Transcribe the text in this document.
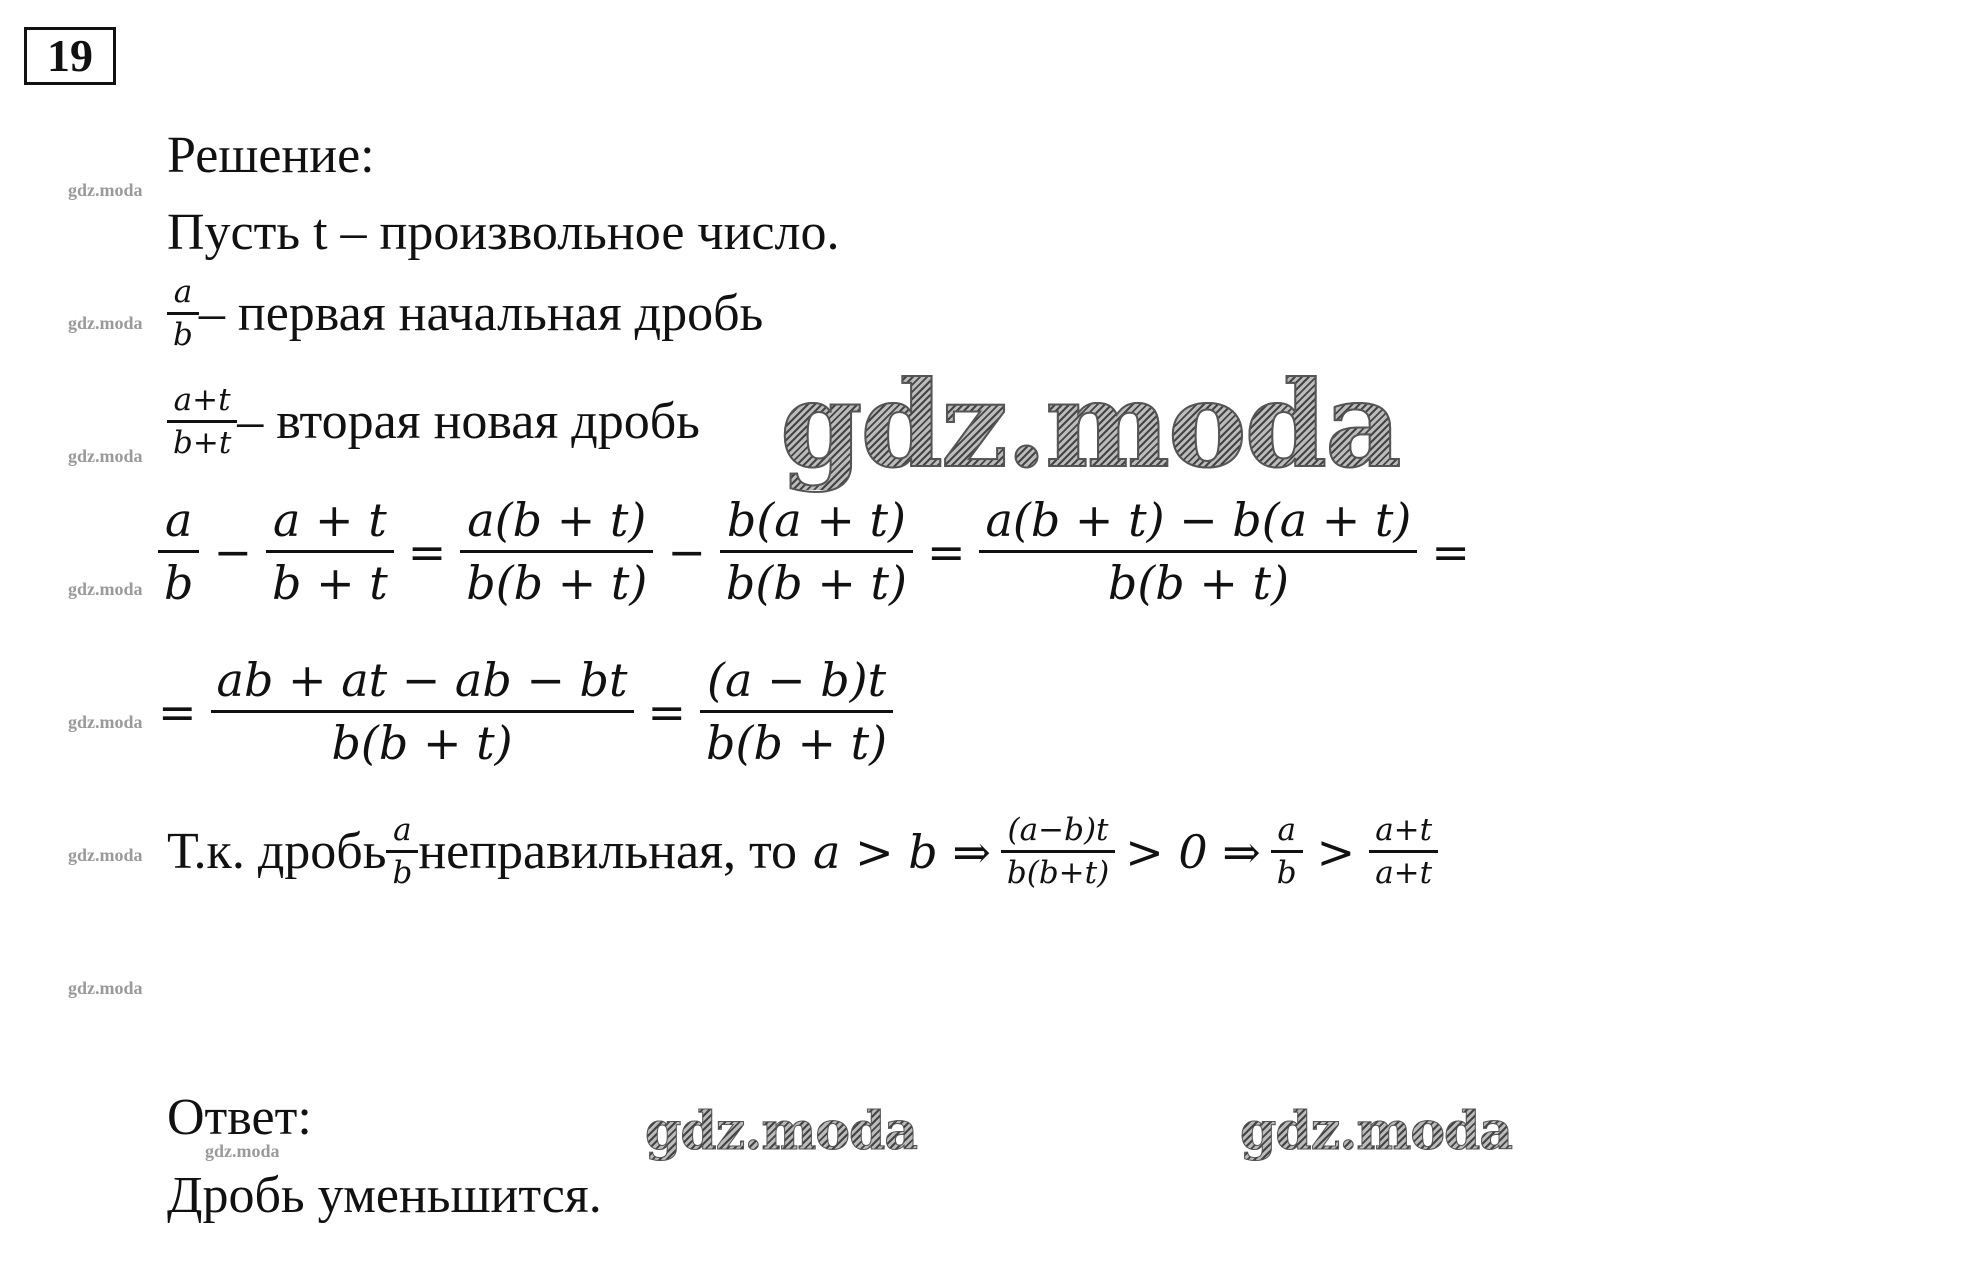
19
gdz.moda
gdz.moda
gdz.moda
gdz.moda
gdz.moda
gdz.moda
gdz.moda
gdz.moda
Решение:
Пусть t – произвольное число.
$\frac{a}{b}$ – первая начальная дробь
$\frac{a+t}{b+t}$ – вторая новая дробь gdz.moda
$\frac{a}{b} - \frac{a + t}{b + t} = \frac{a(b + t)}{b(b + t)} - \frac{b(a + t)}{b(b + t)} = \frac{a(b + t) - b(a + t)}{b(b + t)}$ =
= $\frac{ab + at - ab - bt}{b(b + t)} = \frac{(a - b)t}{b(b + t)}$
Т.к. дробь $\frac{a}{b}$ неправильная, то a > b ⇒ $\frac{(a-b)t}{b(b+t)} > 0$ ⇒ $\frac{a}{b} > \frac{a+t}{a+t}$
Ответ:
Дробь уменьшится.
gdz.moda	gdz.moda
